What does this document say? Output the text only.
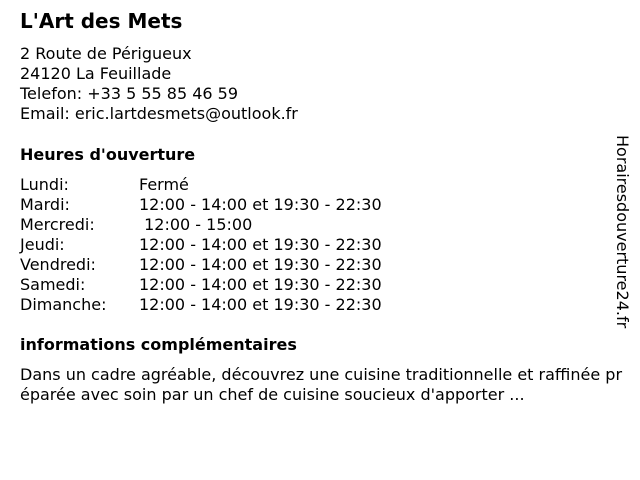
L'Art des Mets
2 Route de Périgueux
24120 La Feuillade
Telefon: +33 5 55 85 46 59
Email: eric.lartdesmets@outlook.fr
Heures d'ouverture
Lundi:	Fermé
Mardi:	12:00 - 14:00 et 19:30 - 22:30
Mercredi:	12:00 - 15:00
Jeudi:	12:00 - 14:00 et 19:30 - 22:30
Vendredi:	12:00 - 14:00 et 19:30 - 22:30
Samedi:	12:00 - 14:00 et 19:30 - 22:30
Dimanche:	12:00 - 14:00 et 19:30 - 22:30
informations complémentaires
Dans un cadre agréable, découvrez une cuisine traditionnelle et raffinée préparée avec soin par un chef de cuisine soucieux d'apporter ...
Horairesdouverture24.fr
